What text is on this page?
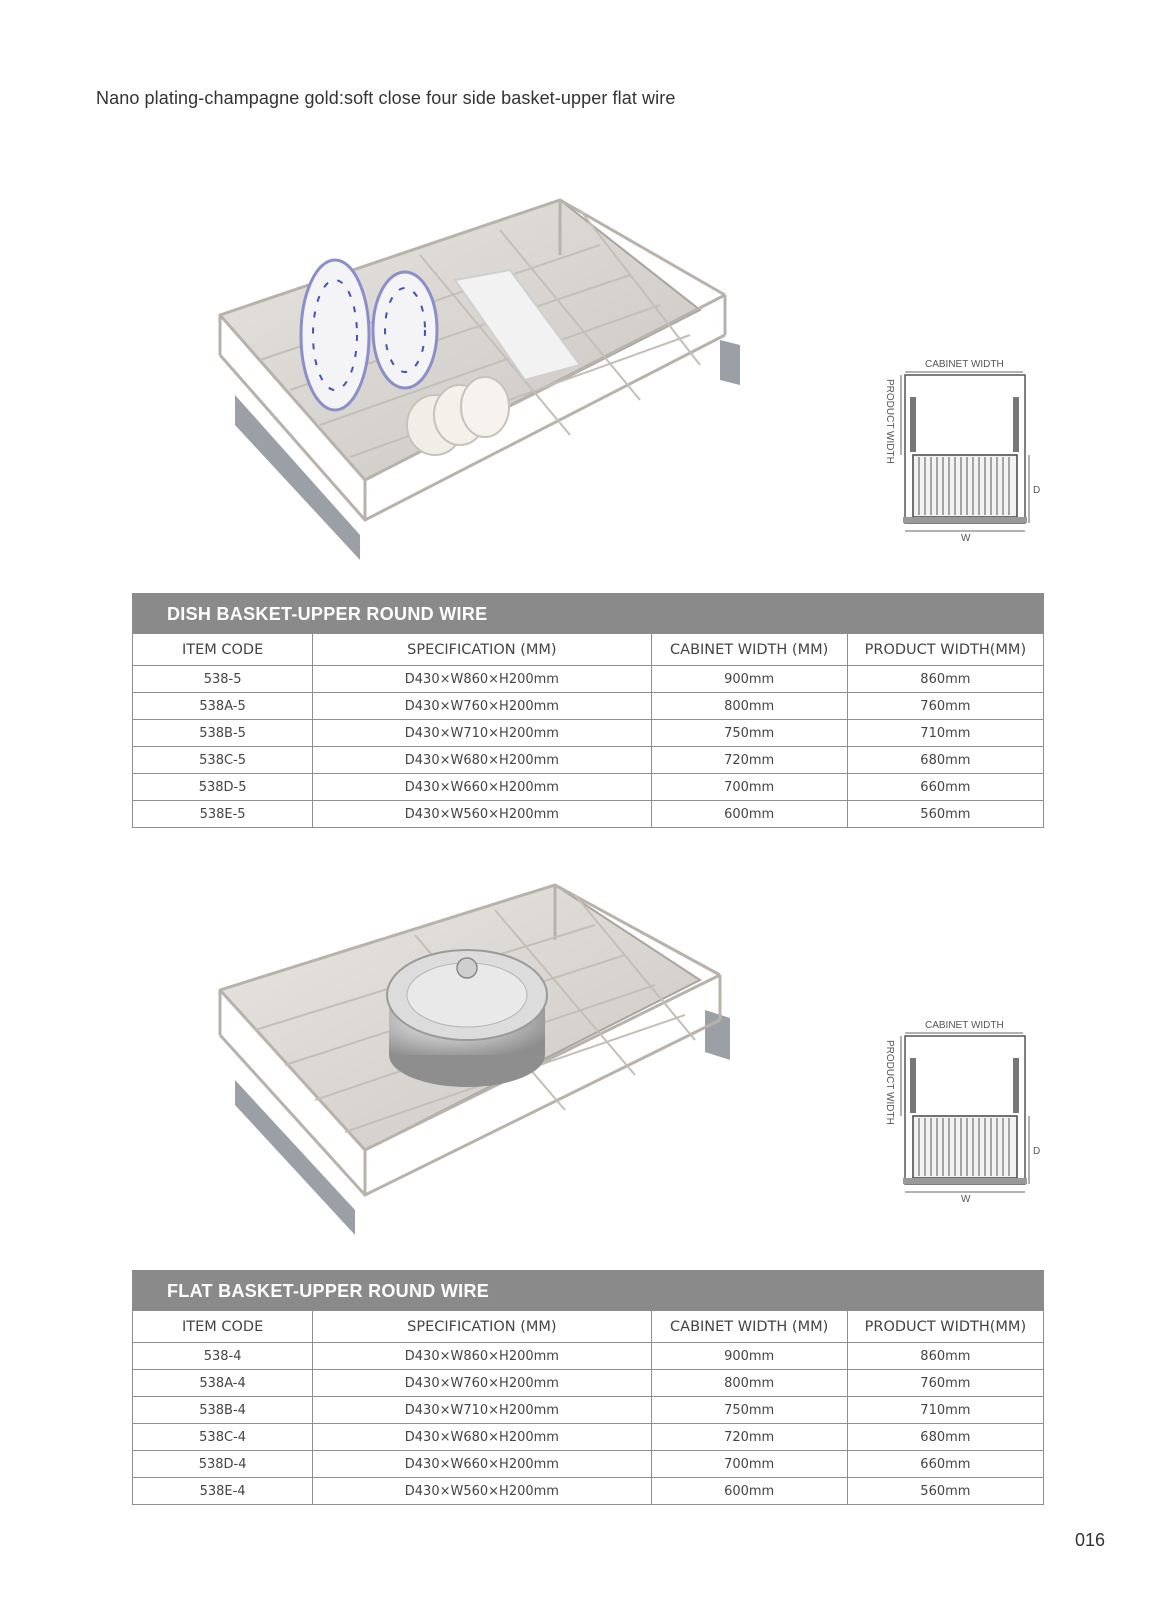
Nano plating-champagne gold:soft close four side basket-upper flat wire
CABINET WIDTH
D
W
PRODUCT WIDTH
DISH BASKET-UPPER ROUND WIRE
ITEM CODE	SPECIFICATION (MM)	CABINET WIDTH (MM)	PRODUCT WIDTH(MM)
538-5	D430×W860×H200mm	900mm	860mm
538A-5	D430×W760×H200mm	800mm	760mm
538B-5	D430×W710×H200mm	750mm	710mm
538C-5	D430×W680×H200mm	720mm	680mm
538D-5	D430×W660×H200mm	700mm	660mm
538E-5	D430×W560×H200mm	600mm	560mm
CABINET WIDTH
D
W
PRODUCT WIDTH
FLAT BASKET-UPPER ROUND WIRE
ITEM CODE	SPECIFICATION (MM)	CABINET WIDTH (MM)	PRODUCT WIDTH(MM)
538-4	D430×W860×H200mm	900mm	860mm
538A-4	D430×W760×H200mm	800mm	760mm
538B-4	D430×W710×H200mm	750mm	710mm
538C-4	D430×W680×H200mm	720mm	680mm
538D-4	D430×W660×H200mm	700mm	660mm
538E-4	D430×W560×H200mm	600mm	560mm
016
